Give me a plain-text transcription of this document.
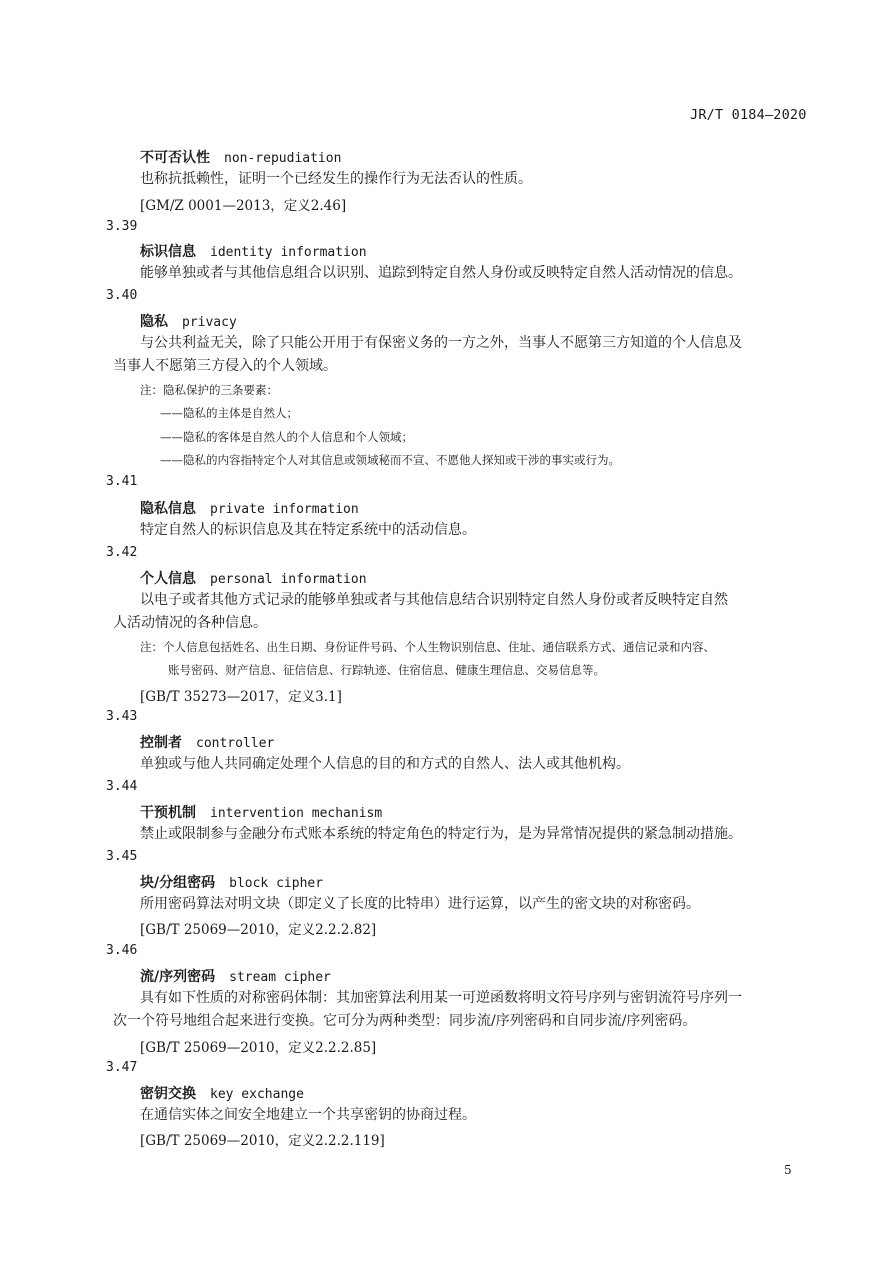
JR/T 0184—2020
不可否认性 non-repudiation
也称抗抵赖性，证明一个已经发生的操作行为无法否认的性质。
[GM/Z 0001—2013，定义2.46]
3.39
标识信息 identity information
能够单独或者与其他信息组合以识别、追踪到特定自然人身份或反映特定自然人活动情况的信息。
3.40
隐私 privacy
与公共利益无关，除了只能公开用于有保密义务的一方之外，当事人不愿第三方知道的个人信息及
当事人不愿第三方侵入的个人领域。
注：隐私保护的三条要素：
——隐私的主体是自然人；
——隐私的客体是自然人的个人信息和个人领域；
——隐私的内容指特定个人对其信息或领域秘而不宣、不愿他人探知或干涉的事实或行为。
3.41
隐私信息 private information
特定自然人的标识信息及其在特定系统中的活动信息。
3.42
个人信息 personal information
以电子或者其他方式记录的能够单独或者与其他信息结合识别特定自然人身份或者反映特定自然
人活动情况的各种信息。
注：个人信息包括姓名、出生日期、身份证件号码、个人生物识别信息、住址、通信联系方式、通信记录和内容、
账号密码、财产信息、征信信息、行踪轨迹、住宿信息、健康生理信息、交易信息等。
[GB/T 35273—2017，定义3.1]
3.43
控制者 controller
单独或与他人共同确定处理个人信息的目的和方式的自然人、法人或其他机构。
3.44
干预机制 intervention mechanism
禁止或限制参与金融分布式账本系统的特定角色的特定行为，是为异常情况提供的紧急制动措施。
3.45
块/分组密码 block cipher
所用密码算法对明文块（即定义了长度的比特串）进行运算，以产生的密文块的对称密码。
[GB/T 25069—2010，定义2.2.2.82]
3.46
流/序列密码 stream cipher
具有如下性质的对称密码体制：其加密算法利用某一可逆函数将明文符号序列与密钥流符号序列一
次一个符号地组合起来进行变换。它可分为两种类型：同步流/序列密码和自同步流/序列密码。
[GB/T 25069—2010，定义2.2.2.85]
3.47
密钥交换 key exchange
在通信实体之间安全地建立一个共享密钥的协商过程。
[GB/T 25069—2010，定义2.2.2.119]
5
